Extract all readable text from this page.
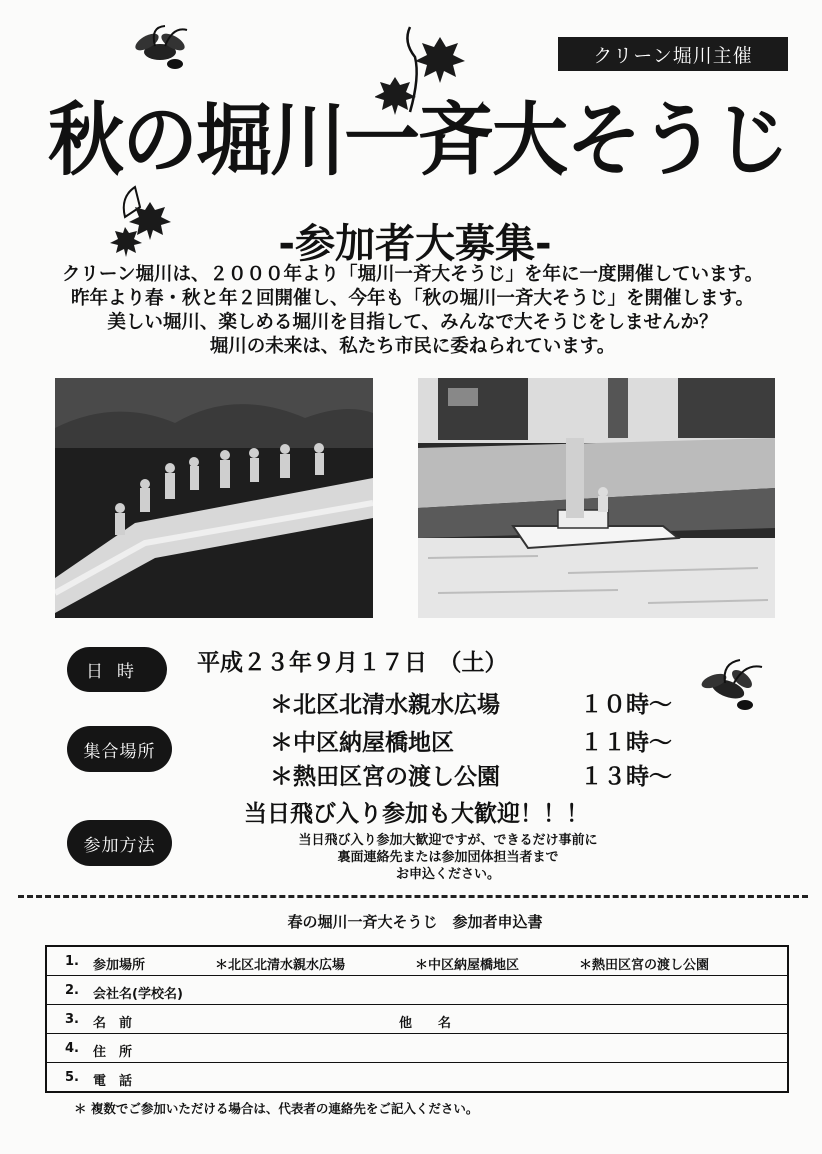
クリーン堀川主催
秋の堀川一斉大そうじ
-参加者大募集-
クリーン堀川は、２０００年より「堀川一斉大そうじ」を年に一度開催しています。
昨年より春・秋と年２回開催し、今年も「秋の堀川一斉大そうじ」を開催します。
美しい堀川、楽しめる堀川を目指して、みんなで大そうじをしませんか？
堀川の未来は、私たち市民に委ねられています。
日時
集合場所
参加方法
平成２３年９月１７日　（土）
＊北区北清水親水広場	１０時～
＊中区納屋橋地区	１１時～
＊熱田区宮の渡し公園	１３時～
当日飛び入り参加も大歓迎！！！
当日飛び入り参加大歓迎ですが、できるだけ事前に
裏面連絡先または参加団体担当者まで
お申込ください。
春の堀川一斉大そうじ　参加者申込書
1. 参加場所	＊北区北清水親水広場	＊中区納屋橋地区	＊熱田区宮の渡し公園
2. 会社名(学校名)
3. 名　前	他　　名
4. 住　所
5. 電　話
＊ 複数でご参加いただける場合は、代表者の連絡先をご記入ください。
